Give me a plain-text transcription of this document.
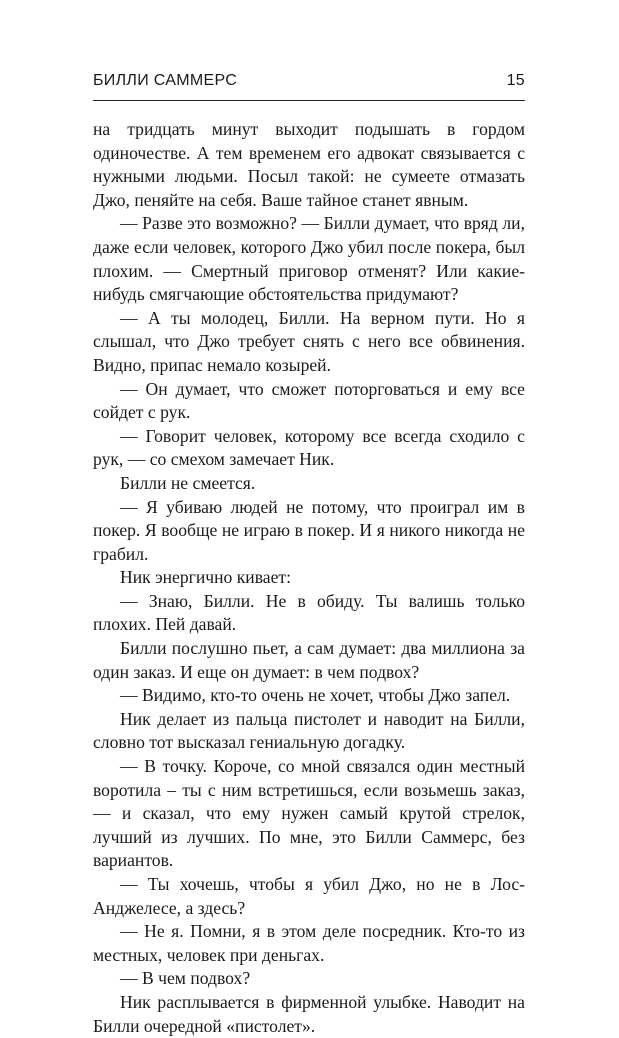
БИЛЛИ САММЕРС	15

на тридцать минут выходит подышать в гордом одиночестве. А тем временем его адвокат связывается с нужными людьми. Посыл такой: не сумеете отмазать Джо, пеняйте на себя. Ваше тайное станет явным.

— Разве это возможно? — Билли думает, что вряд ли, даже если человек, которого Джо убил после покера, был плохим. — Смертный приговор отменят? Или какие-нибудь смягчающие обстоятельства придумают?

— А ты молодец, Билли. На верном пути. Но я слышал, что Джо требует снять с него все обвинения. Видно, припас немало козырей.

— Он думает, что сможет поторговаться и ему все сойдет с рук.

— Говорит человек, которому все всегда сходило с рук, — со смехом замечает Ник.

Билли не смеется.

— Я убиваю людей не потому, что проиграл им в покер. Я вообще не играю в покер. И я никого никогда не грабил.

Ник энергично кивает:

— Знаю, Билли. Не в обиду. Ты валишь только плохих. Пей давай.

Билли послушно пьет, а сам думает: два миллиона за один заказ. И еще он думает: в чем подвох?

— Видимо, кто-то очень не хочет, чтобы Джо запел.

Ник делает из пальца пистолет и наводит на Билли, словно тот высказал гениальную догадку.

— В точку. Короче, со мной связался один местный воротила – ты с ним встретишься, если возьмешь заказ, — и сказал, что ему нужен самый крутой стрелок, лучший из лучших. По мне, это Билли Саммерс, без вариантов.

— Ты хочешь, чтобы я убил Джо, но не в Лос-Анджелесе, а здесь?

— Не я. Помни, я в этом деле посредник. Кто-то из местных, человек при деньгах.

— В чем подвох?

Ник расплывается в фирменной улыбке. Наводит на Билли очередной «пистолет».
